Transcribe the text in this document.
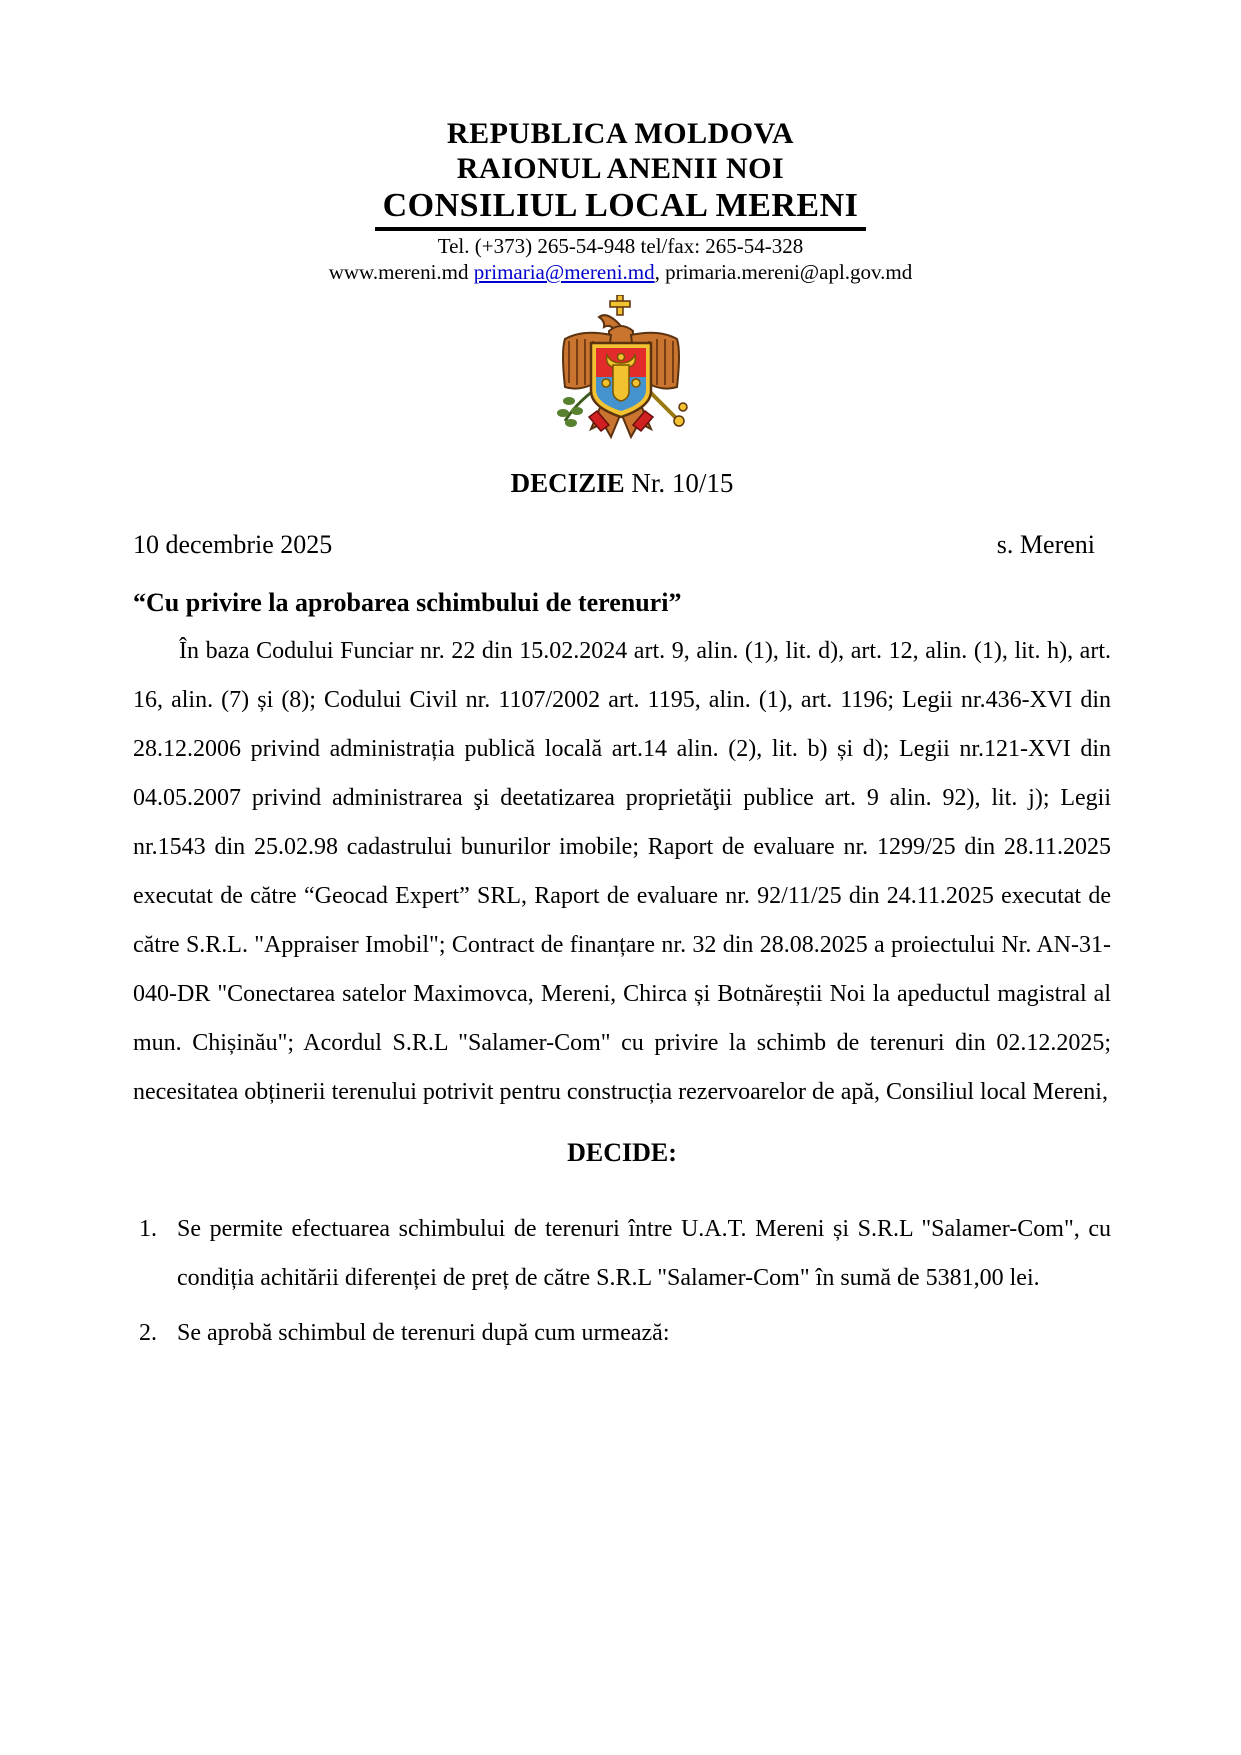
REPUBLICA MOLDOVA
RAIONUL ANENII NOI
CONSILIUL LOCAL MERENI
Tel. (+373) 265-54-948 tel/fax: 265-54-328
www.mereni.md primaria@mereni.md, primaria.mereni@apl.gov.md
DECIZIE Nr. 10/15
10 decembrie 2025	s. Mereni
“Cu privire la aprobarea schimbului de terenuri”

În baza Codului Funciar nr. 22 din 15.02.2024 art. 9, alin. (1), lit. d), art. 12, alin. (1), lit. h), art. 16, alin. (7) și (8); Codului Civil nr. 1107/2002 art. 1195, alin. (1), art. 1196; Legii nr.436-XVI din 28.12.2006 privind administrația publică locală art.14 alin. (2), lit. b) și d); Legii nr.121-XVI din 04.05.2007 privind administrarea şi deetatizarea proprietăţii publice art. 9 alin. 92), lit. j); Legii nr.1543 din 25.02.98 cadastrului bunurilor imobile; Raport de evaluare nr. 1299/25 din 28.11.2025 executat de către “Geocad Expert” SRL, Raport de evaluare nr. 92/11/25 din 24.11.2025 executat de către S.R.L. "Appraiser Imobil"; Contract de finanțare nr. 32 din 28.08.2025 a proiectului Nr. AN-31-040-DR "Conectarea satelor Maximovca, Mereni, Chirca și Botnăreștii Noi la apeductul magistral al mun. Chișinău"; Acordul S.R.L "Salamer-Com" cu privire la schimb de terenuri din 02.12.2025; necesitatea obținerii terenului potrivit pentru construcția rezervoarelor de apă, Consiliul local Mereni,

DECIDE:
1. Se permite efectuarea schimbului de terenuri între U.A.T. Mereni și S.R.L "Salamer-Com", cu condiția achitării diferenței de preț de către S.R.L "Salamer-Com" în sumă de 5381,00 lei.
2. Se aprobă schimbul de terenuri după cum urmează:
